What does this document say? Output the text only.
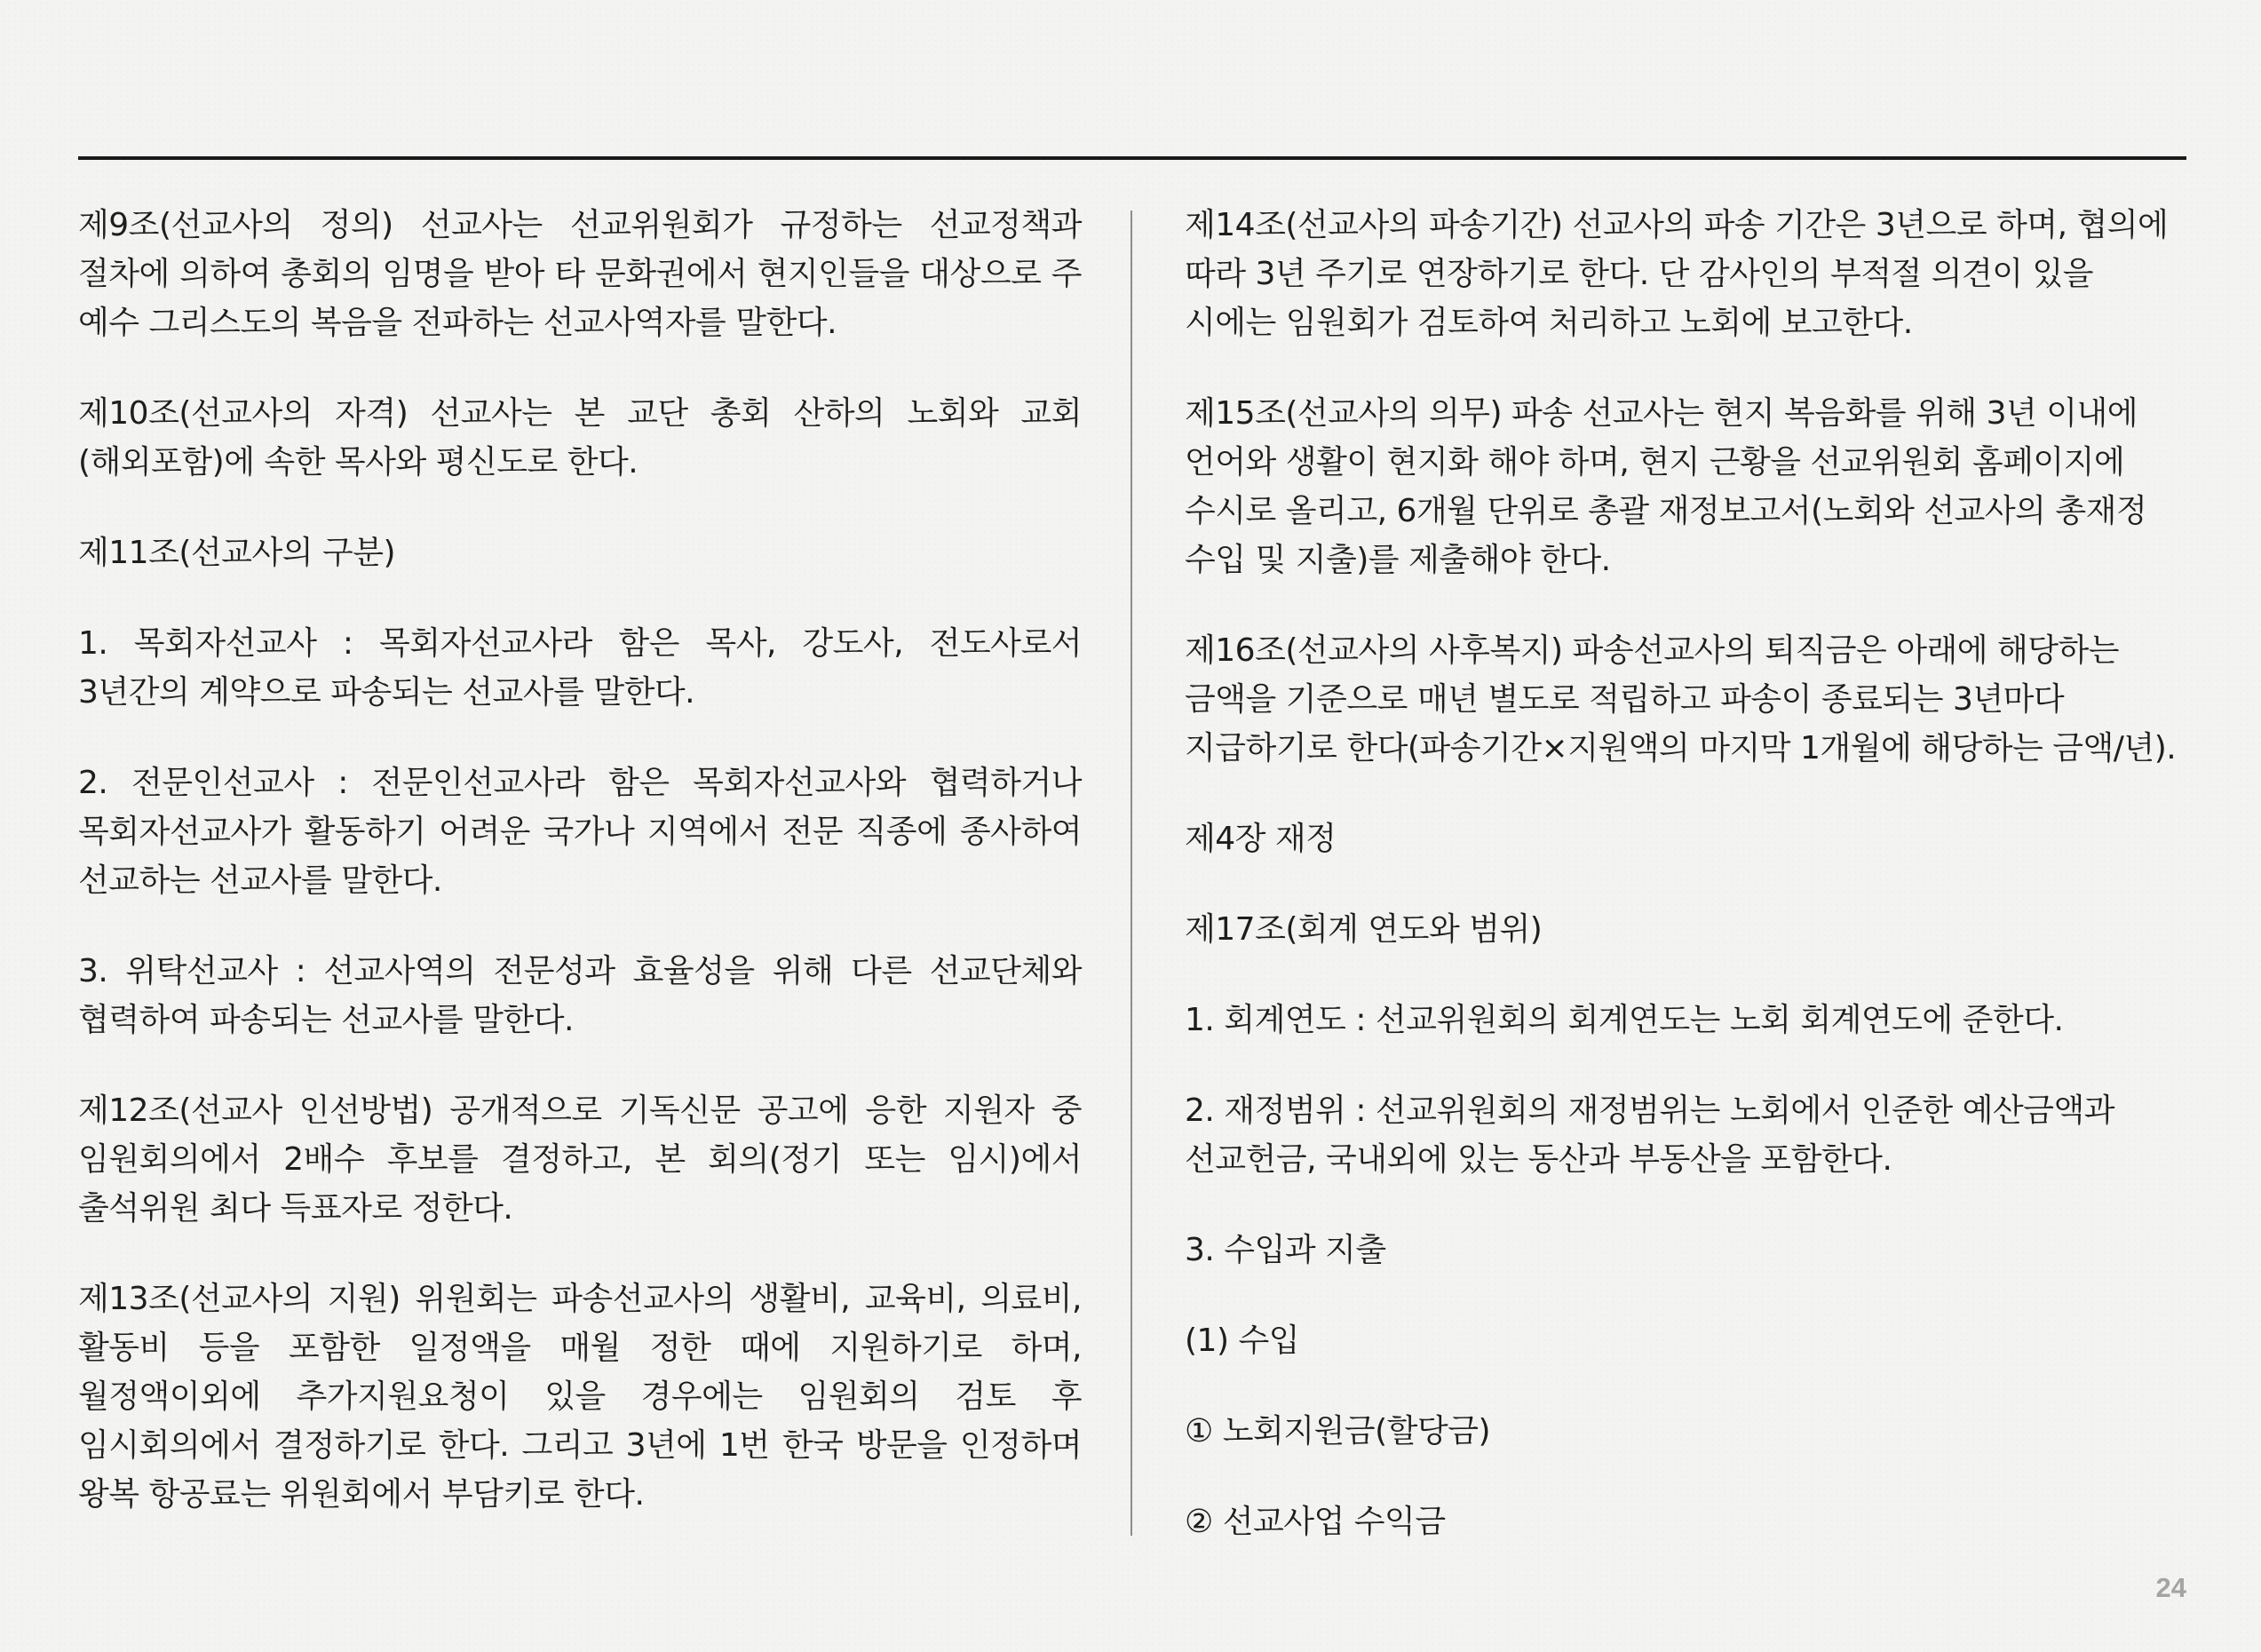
제9조(선교사의 정의) 선교사는 선교위원회가 규정하는 선교정책과 절차에 의하여 총회의 임명을 받아 타 문화권에서 현지인들을 대상으로 주 예수 그리스도의 복음을 전파하는 선교사역자를 말한다.

제10조(선교사의 자격) 선교사는 본 교단 총회 산하의 노회와 교회(해외포함)에 속한 목사와 평신도로 한다.

제11조(선교사의 구분)

1. 목회자선교사 : 목회자선교사라 함은 목사, 강도사, 전도사로서 3년간의 계약으로 파송되는 선교사를 말한다.

2. 전문인선교사 : 전문인선교사라 함은 목회자선교사와 협력하거나 목회자선교사가 활동하기 어려운 국가나 지역에서 전문 직종에 종사하여 선교하는 선교사를 말한다.

3. 위탁선교사 : 선교사역의 전문성과 효율성을 위해 다른 선교단체와 협력하여 파송되는 선교사를 말한다.

제12조(선교사 인선방법) 공개적으로 기독신문 공고에 응한 지원자 중 임원회의에서 2배수 후보를 결정하고, 본 회의(정기 또는 임시)에서 출석위원 최다 득표자로 정한다.

제13조(선교사의 지원) 위원회는 파송선교사의 생활비, 교육비, 의료비, 활동비 등을 포함한 일정액을 매월 정한 때에 지원하기로 하며, 월정액이외에 추가지원요청이 있을 경우에는 임원회의 검토 후 임시회의에서 결정하기로 한다. 그리고 3년에 1번 한국 방문을 인정하며 왕복 항공료는 위원회에서 부담키로 한다.

제14조(선교사의 파송기간) 선교사의 파송 기간은 3년으로 하며, 협의에 따라 3년 주기로 연장하기로 한다. 단 감사인의 부적절 의견이 있을 시에는 임원회가 검토하여 처리하고 노회에 보고한다.

제15조(선교사의 의무) 파송 선교사는 현지 복음화를 위해 3년 이내에 언어와 생활이 현지화 해야 하며, 현지 근황을 선교위원회 홈페이지에 수시로 올리고, 6개월 단위로 총괄 재정보고서(노회와 선교사의 총재정 수입 및 지출)를 제출해야 한다.

제16조(선교사의 사후복지) 파송선교사의 퇴직금은 아래에 해당하는 금액을 기준으로 매년 별도로 적립하고 파송이 종료되는 3년마다 지급하기로 한다(파송기간×지원액의 마지막 1개월에 해당하는 금액/년).

제4장 재정

제17조(회계 연도와 범위)

1. 회계연도 : 선교위원회의 회계연도는 노회 회계연도에 준한다.

2. 재정범위 : 선교위원회의 재정범위는 노회에서 인준한 예산금액과 선교헌금, 국내외에 있는 동산과 부동산을 포함한다.

3. 수입과 지출

(1) 수입

① 노회지원금(할당금)

② 선교사업 수익금

24
